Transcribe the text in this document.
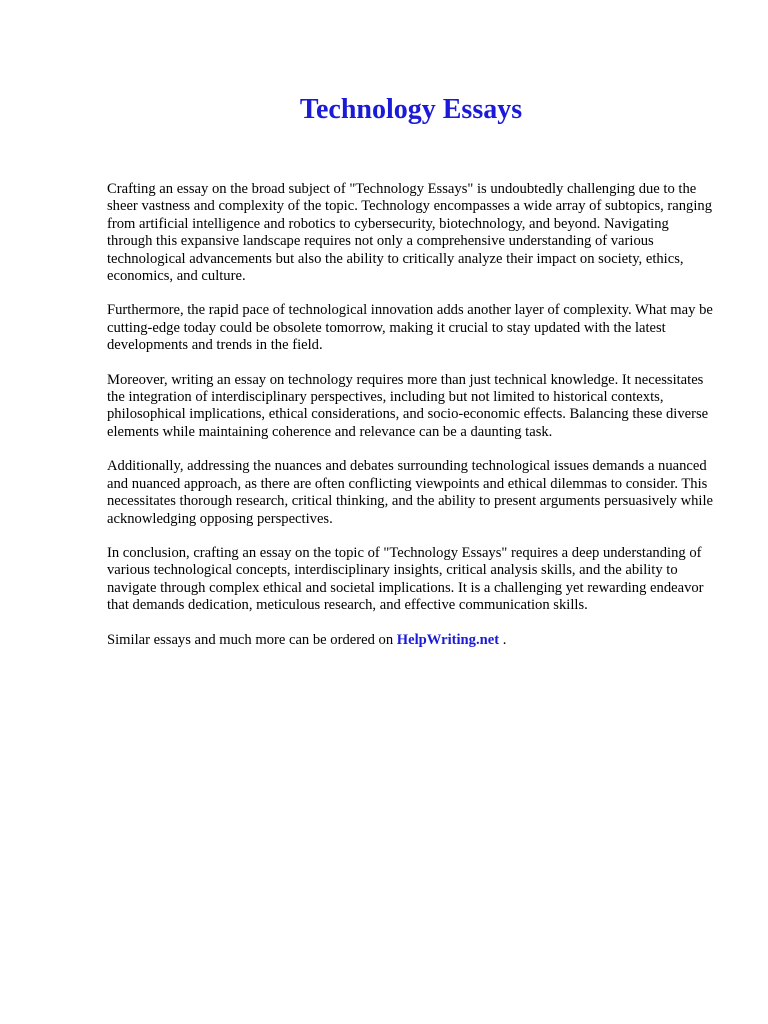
Technology Essays

Crafting an essay on the broad subject of "Technology Essays" is undoubtedly challenging due to the sheer vastness and complexity of the topic. Technology encompasses a wide array of subtopics, ranging from artificial intelligence and robotics to cybersecurity, biotechnology, and beyond. Navigating through this expansive landscape requires not only a comprehensive understanding of various technological advancements but also the ability to critically analyze their impact on society, ethics, economics, and culture.

Furthermore, the rapid pace of technological innovation adds another layer of complexity. What may be cutting-edge today could be obsolete tomorrow, making it crucial to stay updated with the latest developments and trends in the field.

Moreover, writing an essay on technology requires more than just technical knowledge. It necessitates the integration of interdisciplinary perspectives, including but not limited to historical contexts, philosophical implications, ethical considerations, and socio-economic effects. Balancing these diverse elements while maintaining coherence and relevance can be a daunting task.

Additionally, addressing the nuances and debates surrounding technological issues demands a nuanced and nuanced approach, as there are often conflicting viewpoints and ethical dilemmas to consider. This necessitates thorough research, critical thinking, and the ability to present arguments persuasively while acknowledging opposing perspectives.

In conclusion, crafting an essay on the topic of "Technology Essays" requires a deep understanding of various technological concepts, interdisciplinary insights, critical analysis skills, and the ability to navigate through complex ethical and societal implications. It is a challenging yet rewarding endeavor that demands dedication, meticulous research, and effective communication skills.

Similar essays and much more can be ordered on HelpWriting.net .
